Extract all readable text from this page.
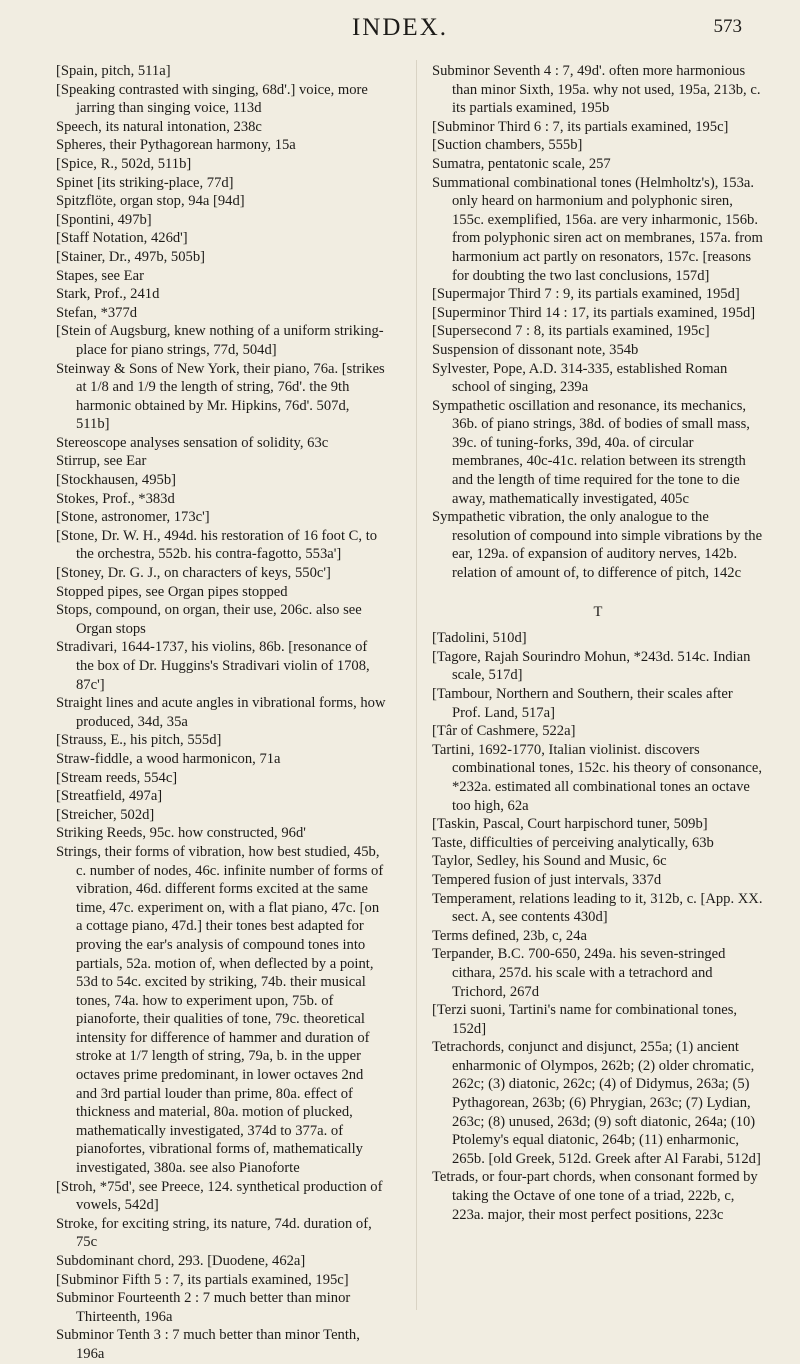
INDEX.	573
[Spain, pitch, 511a]
[Speaking contrasted with singing, 68d'.] voice, more jarring than singing voice, 113d
Speech, its natural intonation, 238c
Spheres, their Pythagorean harmony, 15a
[Spice, R., 502d, 511b]
Spinet [its striking-place, 77d]
Spitzflöte, organ stop, 94a [94d]
[Spontini, 497b]
[Staff Notation, 426d']
[Stainer, Dr., 497b, 505b]
Stapes, see Ear
Stark, Prof., 241d
Stefan, *377d
[Stein of Augsburg, knew nothing of a uniform striking-place for piano strings, 77d, 504d]
Steinway & Sons of New York, their piano, 76a. [strikes at 1/8 and 1/9 the length of string, 76d'. the 9th harmonic obtained by Mr. Hipkins, 76d'. 507d, 511b]
Stereoscope analyses sensation of solidity, 63c
Stirrup, see Ear
[Stockhausen, 495b]
Stokes, Prof., *383d
[Stone, astronomer, 173c']
[Stone, Dr. W. H., 494d. his restoration of 16 foot C, to the orchestra, 552b. his contra-fagotto, 553a']
[Stoney, Dr. G. J., on characters of keys, 550c']
Stopped pipes, see Organ pipes stopped
Stops, compound, on organ, their use, 206c. also see Organ stops
Stradivari, 1644-1737, his violins, 86b. [resonance of the box of Dr. Huggins's Stradivari violin of 1708, 87c']
Straight lines and acute angles in vibrational forms, how produced, 34d, 35a
[Strauss, E., his pitch, 555d]
Straw-fiddle, a wood harmonicon, 71a
[Stream reeds, 554c]
[Streatfield, 497a]
[Streicher, 502d]
Striking Reeds, 95c. how constructed, 96d'
Strings, their forms of vibration, how best studied, 45b, c. number of nodes, 46c. infinite number of forms of vibration, 46d. different forms excited at the same time, 47c. experiment on, with a flat piano, 47c. [on a cottage piano, 47d.] their tones best adapted for proving the ear's analysis of compound tones into partials, 52a. motion of, when deflected by a point, 53d to 54c. excited by striking, 74b. their musical tones, 74a. how to experiment upon, 75b. of pianoforte, their qualities of tone, 79c. theoretical intensity for difference of hammer and duration of stroke at 1/7 length of string, 79a, b. in the upper octaves prime predominant, in lower octaves 2nd and 3rd partial louder than prime, 80a. effect of thickness and material, 80a. motion of plucked, mathematically investigated, 374d to 377a. of pianofortes, vibrational forms of, mathematically investigated, 380a. see also Pianoforte
[Stroh, *75d', see Preece, 124. synthetical production of vowels, 542d]
Stroke, for exciting string, its nature, 74d. duration of, 75c
Subdominant chord, 293. [Duodene, 462a]
[Subminor Fifth 5 : 7, its partials examined, 195c]
Subminor Fourteenth 2 : 7 much better than minor Thirteenth, 196a
Subminor Tenth 3 : 7 much better than minor Tenth, 196a
Subminor Seventh 4 : 7, 49d'. often more harmonious than minor Sixth, 195a. why not used, 195a, 213b, c. its partials examined, 195b
[Subminor Third 6 : 7, its partials examined, 195c]
[Suction chambers, 555b]
Sumatra, pentatonic scale, 257
Summational combinational tones (Helmholtz's), 153a. only heard on harmonium and polyphonic siren, 155c. exemplified, 156a. are very inharmonic, 156b. from polyphonic siren act on membranes, 157a. from harmonium act partly on resonators, 157c. [reasons for doubting the two last conclusions, 157d]
[Supermajor Third 7 : 9, its partials examined, 195d]
[Superminor Third 14 : 17, its partials examined, 195d]
[Supersecond 7 : 8, its partials examined, 195c]
Suspension of dissonant note, 354b
Sylvester, Pope, A.D. 314-335, established Roman school of singing, 239a
Sympathetic oscillation and resonance, its mechanics, 36b. of piano strings, 38d. of bodies of small mass, 39c. of tuning-forks, 39d, 40a. of circular membranes, 40c-41c. relation between its strength and the length of time required for the tone to die away, mathematically investigated, 405c
Sympathetic vibration, the only analogue to the resolution of compound into simple vibrations by the ear, 129a. of expansion of auditory nerves, 142b. relation of amount of, to difference of pitch, 142c
T
[Tadolini, 510d]
[Tagore, Rajah Sourindro Mohun, *243d. 514c. Indian scale, 517d]
[Tambour, Northern and Southern, their scales after Prof. Land, 517a]
[Târ of Cashmere, 522a]
Tartini, 1692-1770, Italian violinist. discovers combinational tones, 152c. his theory of consonance, *232a. estimated all combinational tones an octave too high, 62a
[Taskin, Pascal, Court harpischord tuner, 509b]
Taste, difficulties of perceiving analytically, 63b
Taylor, Sedley, his Sound and Music, 6c
Tempered fusion of just intervals, 337d
Temperament, relations leading to it, 312b, c. [App. XX. sect. A, see contents 430d]
Terms defined, 23b, c, 24a
Terpander, B.C. 700-650, 249a. his seven-stringed cithara, 257d. his scale with a tetrachord and Trichord, 267d
[Terzi suoni, Tartini's name for combinational tones, 152d]
Tetrachords, conjunct and disjunct, 255a; (1) ancient enharmonic of Olympos, 262b; (2) older chromatic, 262c; (3) diatonic, 262c; (4) of Didymus, 263a; (5) Pythagorean, 263b; (6) Phrygian, 263c; (7) Lydian, 263c; (8) unused, 263d; (9) soft diatonic, 264a; (10) Ptolemy's equal diatonic, 264b; (11) enharmonic, 265b. [old Greek, 512d. Greek after Al Farabi, 512d]
Tetrads, or four-part chords, when consonant formed by taking the Octave of one tone of a triad, 222b, c, 223a. major, their most perfect positions, 223c
